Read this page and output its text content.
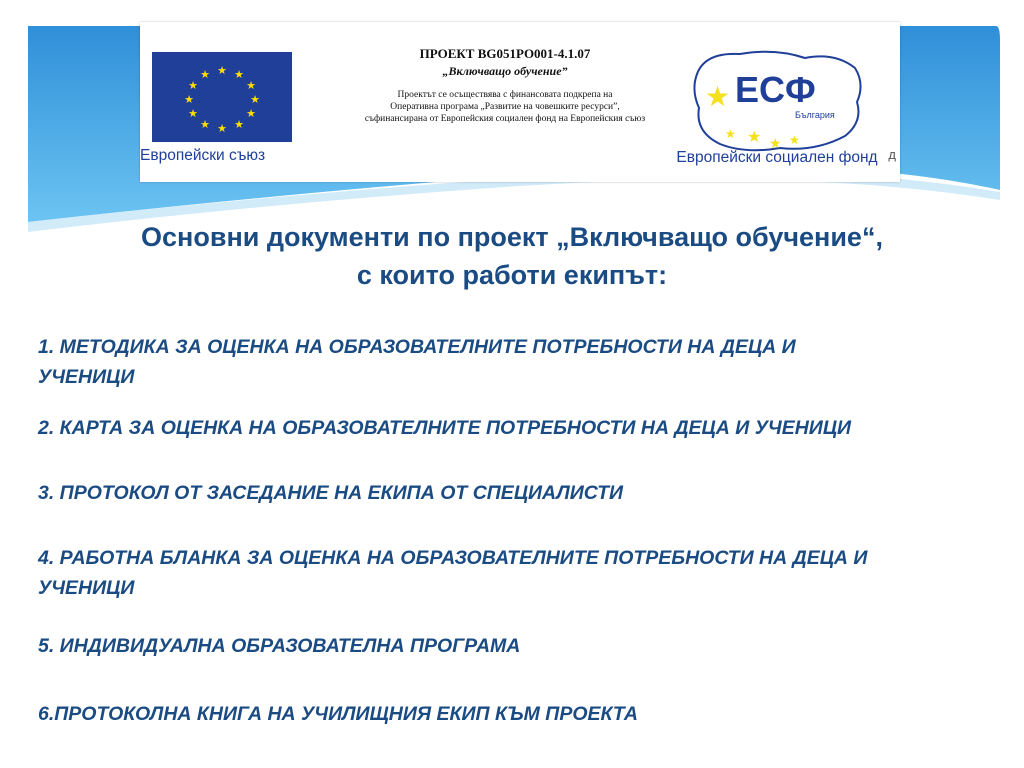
★ ★
★
★
★
★
★
★
★
★
★
★
Европейски съюз
ПРОЕКТ BG051PO001-4.1.07
„Включващо обучение”
Проектът се осъществява с финансовата подкрепа на
Оперативна програма „Развитие на човешките ресурси”,
съфинансирана от Европейския социален фонд на Европейския съюз
★
★ ★ ★
★
ЕСФ
България
Европейски социален фонд д
Основни документи по проект „Включващо обучение“,
с които работи екипът:
1. МЕТОДИКА ЗА ОЦЕНКА НА ОБРАЗОВАТЕЛНИТЕ ПОТРЕБНОСТИ НА ДЕЦА И
УЧЕНИЦИ
2. КАРТА ЗА ОЦЕНКА НА ОБРАЗОВАТЕЛНИТЕ ПОТРЕБНОСТИ НА ДЕЦА И УЧЕНИЦИ
3. ПРОТОКОЛ ОТ ЗАСЕДАНИЕ НА ЕКИПА ОТ СПЕЦИАЛИСТИ
4. РАБОТНА БЛАНКА ЗА ОЦЕНКА НА ОБРАЗОВАТЕЛНИТЕ ПОТРЕБНОСТИ НА ДЕЦА И
УЧЕНИЦИ
5. ИНДИВИДУАЛНА ОБРАЗОВАТЕЛНА ПРОГРАМА
6.ПРОТОКОЛНА КНИГА НА УЧИЛИЩНИЯ ЕКИП КЪМ ПРОЕКТА
